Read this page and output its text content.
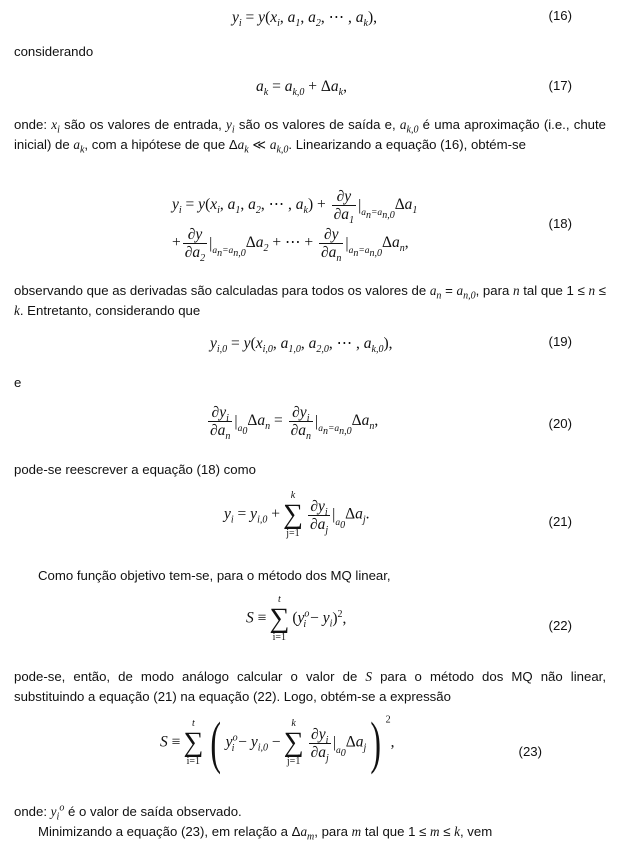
$y_i = y(x_i$, $a_1$, $a_2$, ⋯ , $a_k$),	(16)
considerando
$a_k = a_{k,0} + \Delta a_k$,	(17)
onde: $x_i$ são os valores de entrada, $y_i$ são os valores de saída e, $a_{k,0}$ é uma aproximação (i.e., chute inicial) de $a_k$, com a hipótese de que $\Delta a_k$ ≪ $a_{k,0}$. Linearizando a equação (16), obtém-se
$y_i = y(x_i$, $a_1$, $a_2$, ⋯ , $a_k) + \frac{\partial y}{\partial a_1} |_{a_n=a_{n,0}}\Delta a_1$
+ $\frac{\partial y}{\partial a_2} |_{a_n=a_{n,0}}\Delta a_2$ + ⋯ + $\frac{\partial y}{\partial a_n} |_{a_n=a_{n,0}}\Delta a_n$,
(18)
observando que as derivadas são calculadas para todos os valores de $a_n = a_{n,0}$, para n tal que 1 ≤ n ≤ k. Entretanto, considerando que
$y_{i,0} = y(x_{i,0}$, $a_{1,0}$, $a_{2,0}$, ⋯ , $a_{k,0}$),	(19)
e
$\frac{\partial y_i}{\partial a_n} |_{a_0}\Delta a_n = \frac{\partial y_i}{\partial a_n} |_{a_n=a_{n,0}}\Delta a_n$,	(20)
pode-se reescrever a equação (18) como
$y_i = y_{i,0}$ +
k
∑
j=1
$\frac{\partial y_i}{\partial a_j} |_{a_0}\Delta a_j$.	(21)
Como função objetivo tem-se, para o método dos MQ linear,
S ≡
t
∑
i=1
$(y^o_i - y_i)^2$,	(22)
pode-se, então, de modo análogo calcular o valor de S para o método dos MQ não linear, substituindo a equação (21) na equação (22). Logo, obtém-se a expressão
S ≡
t
∑
i=1 ( $y^o_i - y_{i,0}$ −
k
∑
j=1
$\frac{\partial y_i}{\partial a_j} |_{a_0}\Delta a_j$) $^2$,
(23)
onde: $y_i^o$ é o valor de saída observado.
Minimizando a equação (23), em relação a $\Delta a_m$, para m tal que 1 ≤ m ≤ k, vem
